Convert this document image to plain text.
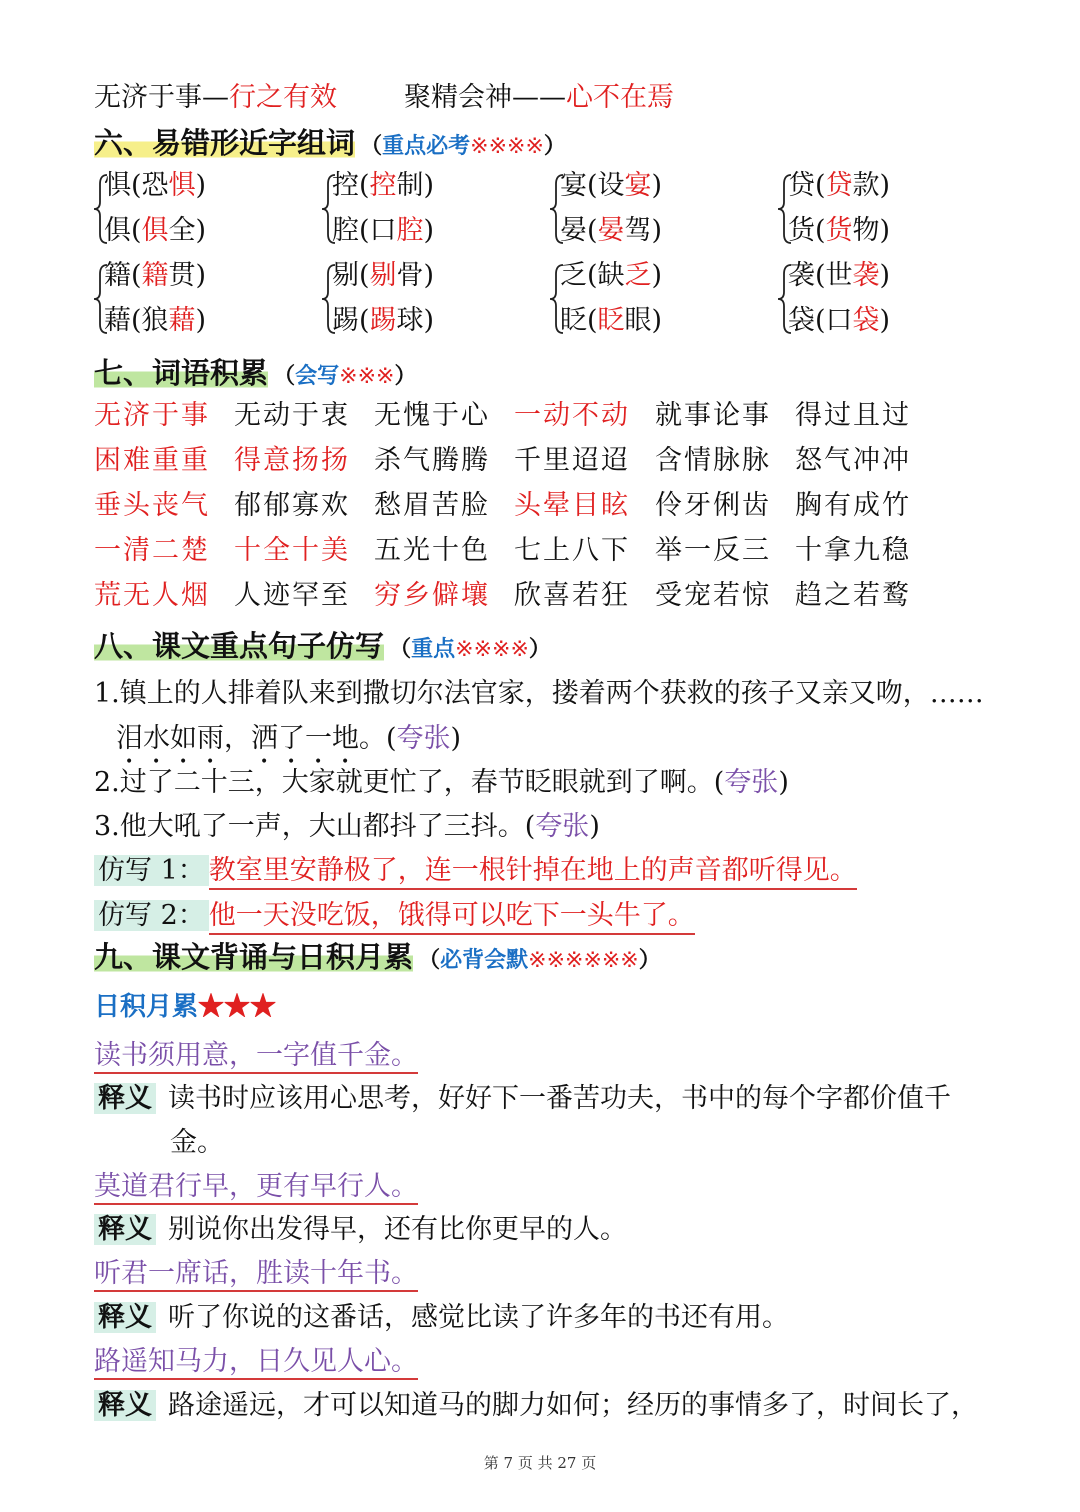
无济于事—行之有效 聚精会神——心不在焉
六、易错形近字组词 （重点必考※※※※）
惧(恐惧)
俱(俱全)
控(控制)
腔(口腔)
宴(设宴)
晏(晏驾)
贷(贷款)
货(货物)
籍(籍贯)
藉(狼藉)
剔(剔骨)
踢(踢球)
乏(缺乏)
眨(眨眼)
袭(世袭)
袋(口袋)
七、词语积累 （会写※※※）
无济于事 无动于衷 无愧于心 一动不动 就事论事 得过且过
困难重重 得意扬扬 杀气腾腾 千里迢迢 含情脉脉 怒气冲冲
垂头丧气 郁郁寡欢 愁眉苦脸 头晕目眩 伶牙俐齿 胸有成竹
一清二楚 十全十美 五光十色 七上八下 举一反三 十拿九稳
荒无人烟 人迹罕至 穷乡僻壤 欣喜若狂 受宠若惊 趋之若鹜
八、课文重点句子仿写 （重点※※※※）
1.镇上的人排着队来到撒切尔法官家，搂着两个获救的孩子又亲又吻，……
泪水如雨，洒了一地。(夸张)
2.过了二十三，大家就更忙了，春节眨眼就到了啊。(夸张)
3.他大吼了一声，大山都抖了三抖。(夸张)
仿写 1： 教室里安静极了，连一根针掉在地上的声音都听得见。
仿写 2： 他一天没吃饭，饿得可以吃下一头牛了。
九、课文背诵与日积月累 （必背会默※※※※※※）
日积月累★★★
读书须用意，一字值千金。
释义 读书时应该用心思考，好好下一番苦功夫，书中的每个字都价值千
金。
莫道君行早，更有早行人。
释义 别说你出发得早，还有比你更早的人。
听君一席话，胜读十年书。
释义 听了你说的这番话，感觉比读了许多年的书还有用。
路遥知马力，日久见人心。
释义 路途遥远，才可以知道马的脚力如何；经历的事情多了，时间长了，
第 7 页 共 27 页
